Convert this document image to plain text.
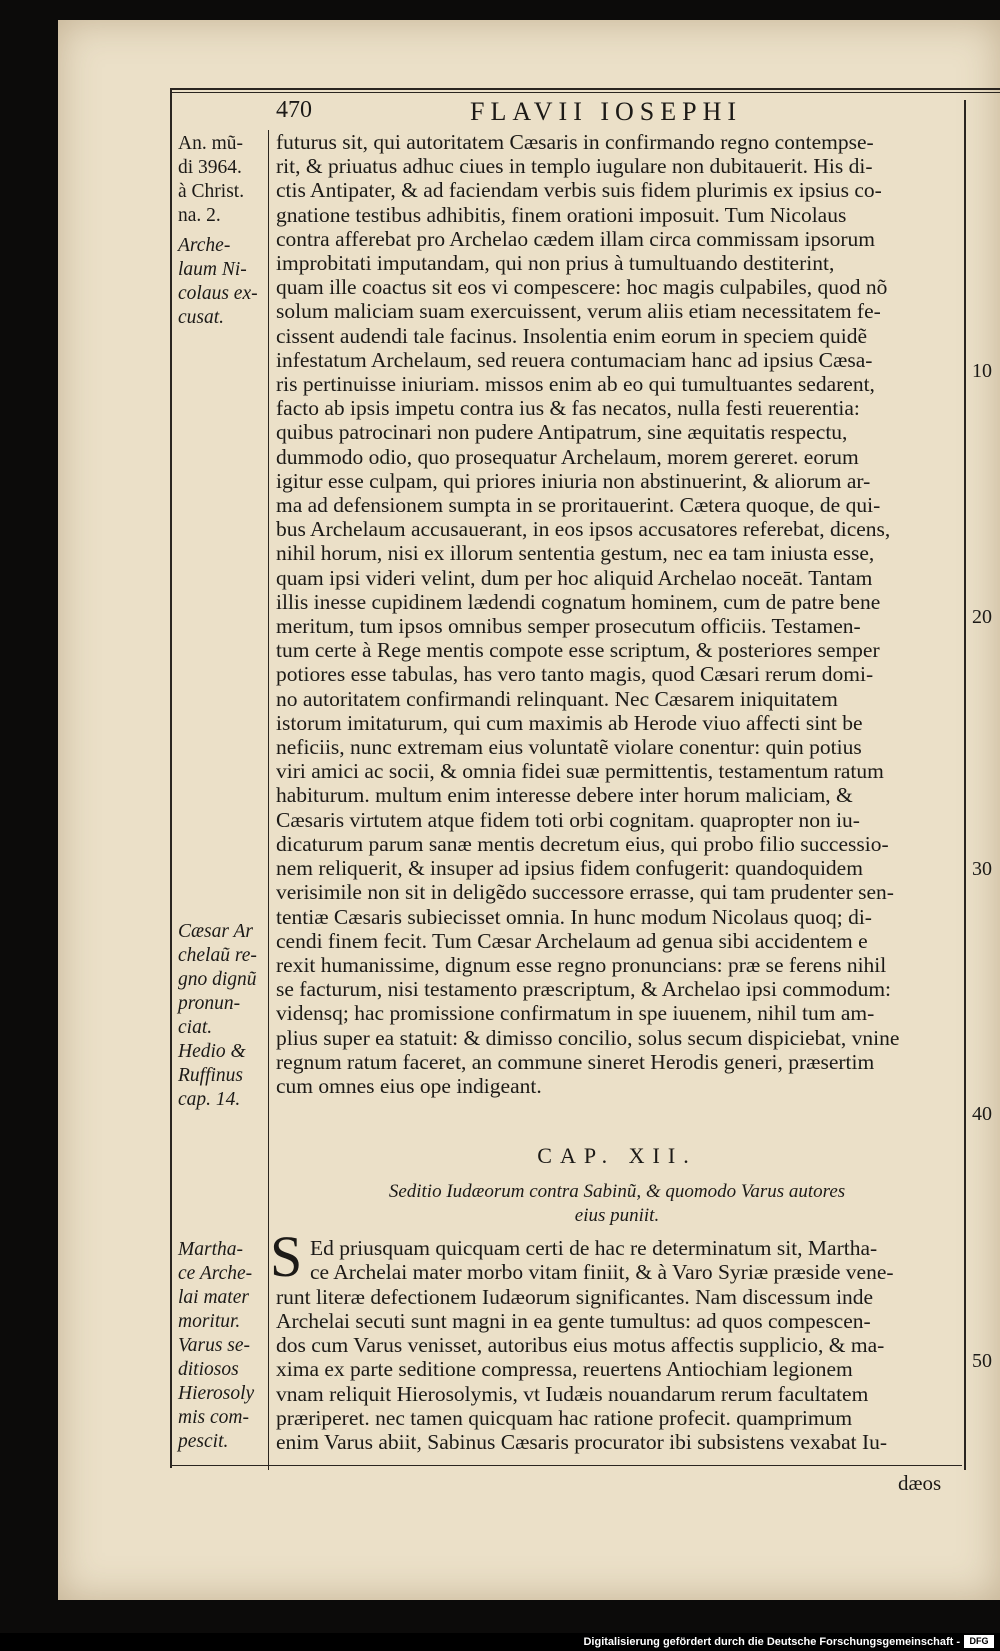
470	FLAVII IOSEPHI
An. mũ-
di 3964.
à Christ.
na. 2.
Arche-
laum Ni-
colaus ex-
cusat.
Cæsar Ar
chelaũ re-
gno dignũ
pronun-
ciat.
Hedio &
Ruffinus
cap. 14.
Martha-
ce Arche-
lai mater
moritur.
Varus se-
ditiosos
Hierosoly
mis com-
pescit.
10
20
30
40
50
futurus sit, qui autoritatem Cæsaris in confirmando regno contempse-
rit, & priuatus adhuc ciues in templo iugulare non dubitauerit. His di-
ctis Antipater, & ad faciendam verbis suis fidem plurimis ex ipsius co-
gnatione testibus adhibitis, finem orationi imposuit. Tum Nicolaus
contra afferebat pro Archelao cædem illam circa commissam ipsorum
improbitati imputandam, qui non prius à tumultuando destiterint,
quam ille coactus sit eos vi compescere: hoc magis culpabiles, quod nõ
solum maliciam suam exercuissent, verum aliis etiam necessitatem fe-
cissent audendi tale facinus. Insolentia enim eorum in speciem quidẽ
infestatum Archelaum, sed reuera contumaciam hanc ad ipsius Cæsa-
ris pertinuisse iniuriam. missos enim ab eo qui tumultuantes sedarent,
facto ab ipsis impetu contra ius & fas necatos, nulla festi reuerentia:
quibus patrocinari non pudere Antipatrum, sine æquitatis respectu,
dummodo odio, quo prosequatur Archelaum, morem gereret. eorum
igitur esse culpam, qui priores iniuria non abstinuerint, & aliorum ar-
ma ad defensionem sumpta in se proritauerint. Cætera quoque, de qui-
bus Archelaum accusauerant, in eos ipsos accusatores referebat, dicens,
nihil horum, nisi ex illorum sententia gestum, nec ea tam iniusta esse,
quam ipsi videri velint, dum per hoc aliquid Archelao noceāt. Tantam
illis inesse cupidinem lædendi cognatum hominem, cum de patre bene
meritum, tum ipsos omnibus semper prosecutum officiis. Testamen-
tum certe à Rege mentis compote esse scriptum, & posteriores semper
potiores esse tabulas, has vero tanto magis, quod Cæsari rerum domi-
no autoritatem confirmandi relinquant. Nec Cæsarem iniquitatem
istorum imitaturum, qui cum maximis ab Herode viuo affecti sint be
neficiis, nunc extremam eius voluntatẽ violare conentur: quin potius
viri amici ac socii, & omnia fidei suæ permittentis, testamentum ratum
habiturum. multum enim interesse debere inter horum maliciam, &
Cæsaris virtutem atque fidem toti orbi cognitam. quapropter non iu-
dicaturum parum sanæ mentis decretum eius, qui probo filio successio-
nem reliquerit, & insuper ad ipsius fidem confugerit: quandoquidem
verisimile non sit in deligẽdo successore errasse, qui tam prudenter sen-
tentiæ Cæsaris subiecisset omnia. In hunc modum Nicolaus quoq; di-
cendi finem fecit. Tum Cæsar Archelaum ad genua sibi accidentem e
rexit humanissime, dignum esse regno pronuncians: præ se ferens nihil
se facturum, nisi testamento præscriptum, & Archelao ipsi commodum:
vidensq; hac promissione confirmatum in spe iuuenem, nihil tum am-
plius super ea statuit: & dimisso concilio, solus secum dispiciebat, vnine
regnum ratum faceret, an commune sineret Herodis generi, præsertim
cum omnes eius ope indigeant.
CAP. XII.
Seditio Iudæorum contra Sabinũ, & quomodo Varus autores
eius puniit.
S Ed priusquam quicquam certi de hac re determinatum sit, Martha-
ce Archelai mater morbo vitam finiit, & à Varo Syriæ præside vene-
runt literæ defectionem Iudæorum significantes. Nam discessum inde
Archelai secuti sunt magni in ea gente tumultus: ad quos compescen-
dos cum Varus venisset, autoribus eius motus affectis supplicio, & ma-
xima ex parte seditione compressa, reuertens Antiochiam legionem
vnam reliquit Hierosolymis, vt Iudæis nouandarum rerum facultatem
præriperet. nec tamen quicquam hac ratione profecit. quamprimum
enim Varus abiit, Sabinus Cæsaris procurator ibi subsistens vexabat Iu-
dæos
Digitalisierung gefördert durch die Deutsche Forschungsgemeinschaft -	DFG
